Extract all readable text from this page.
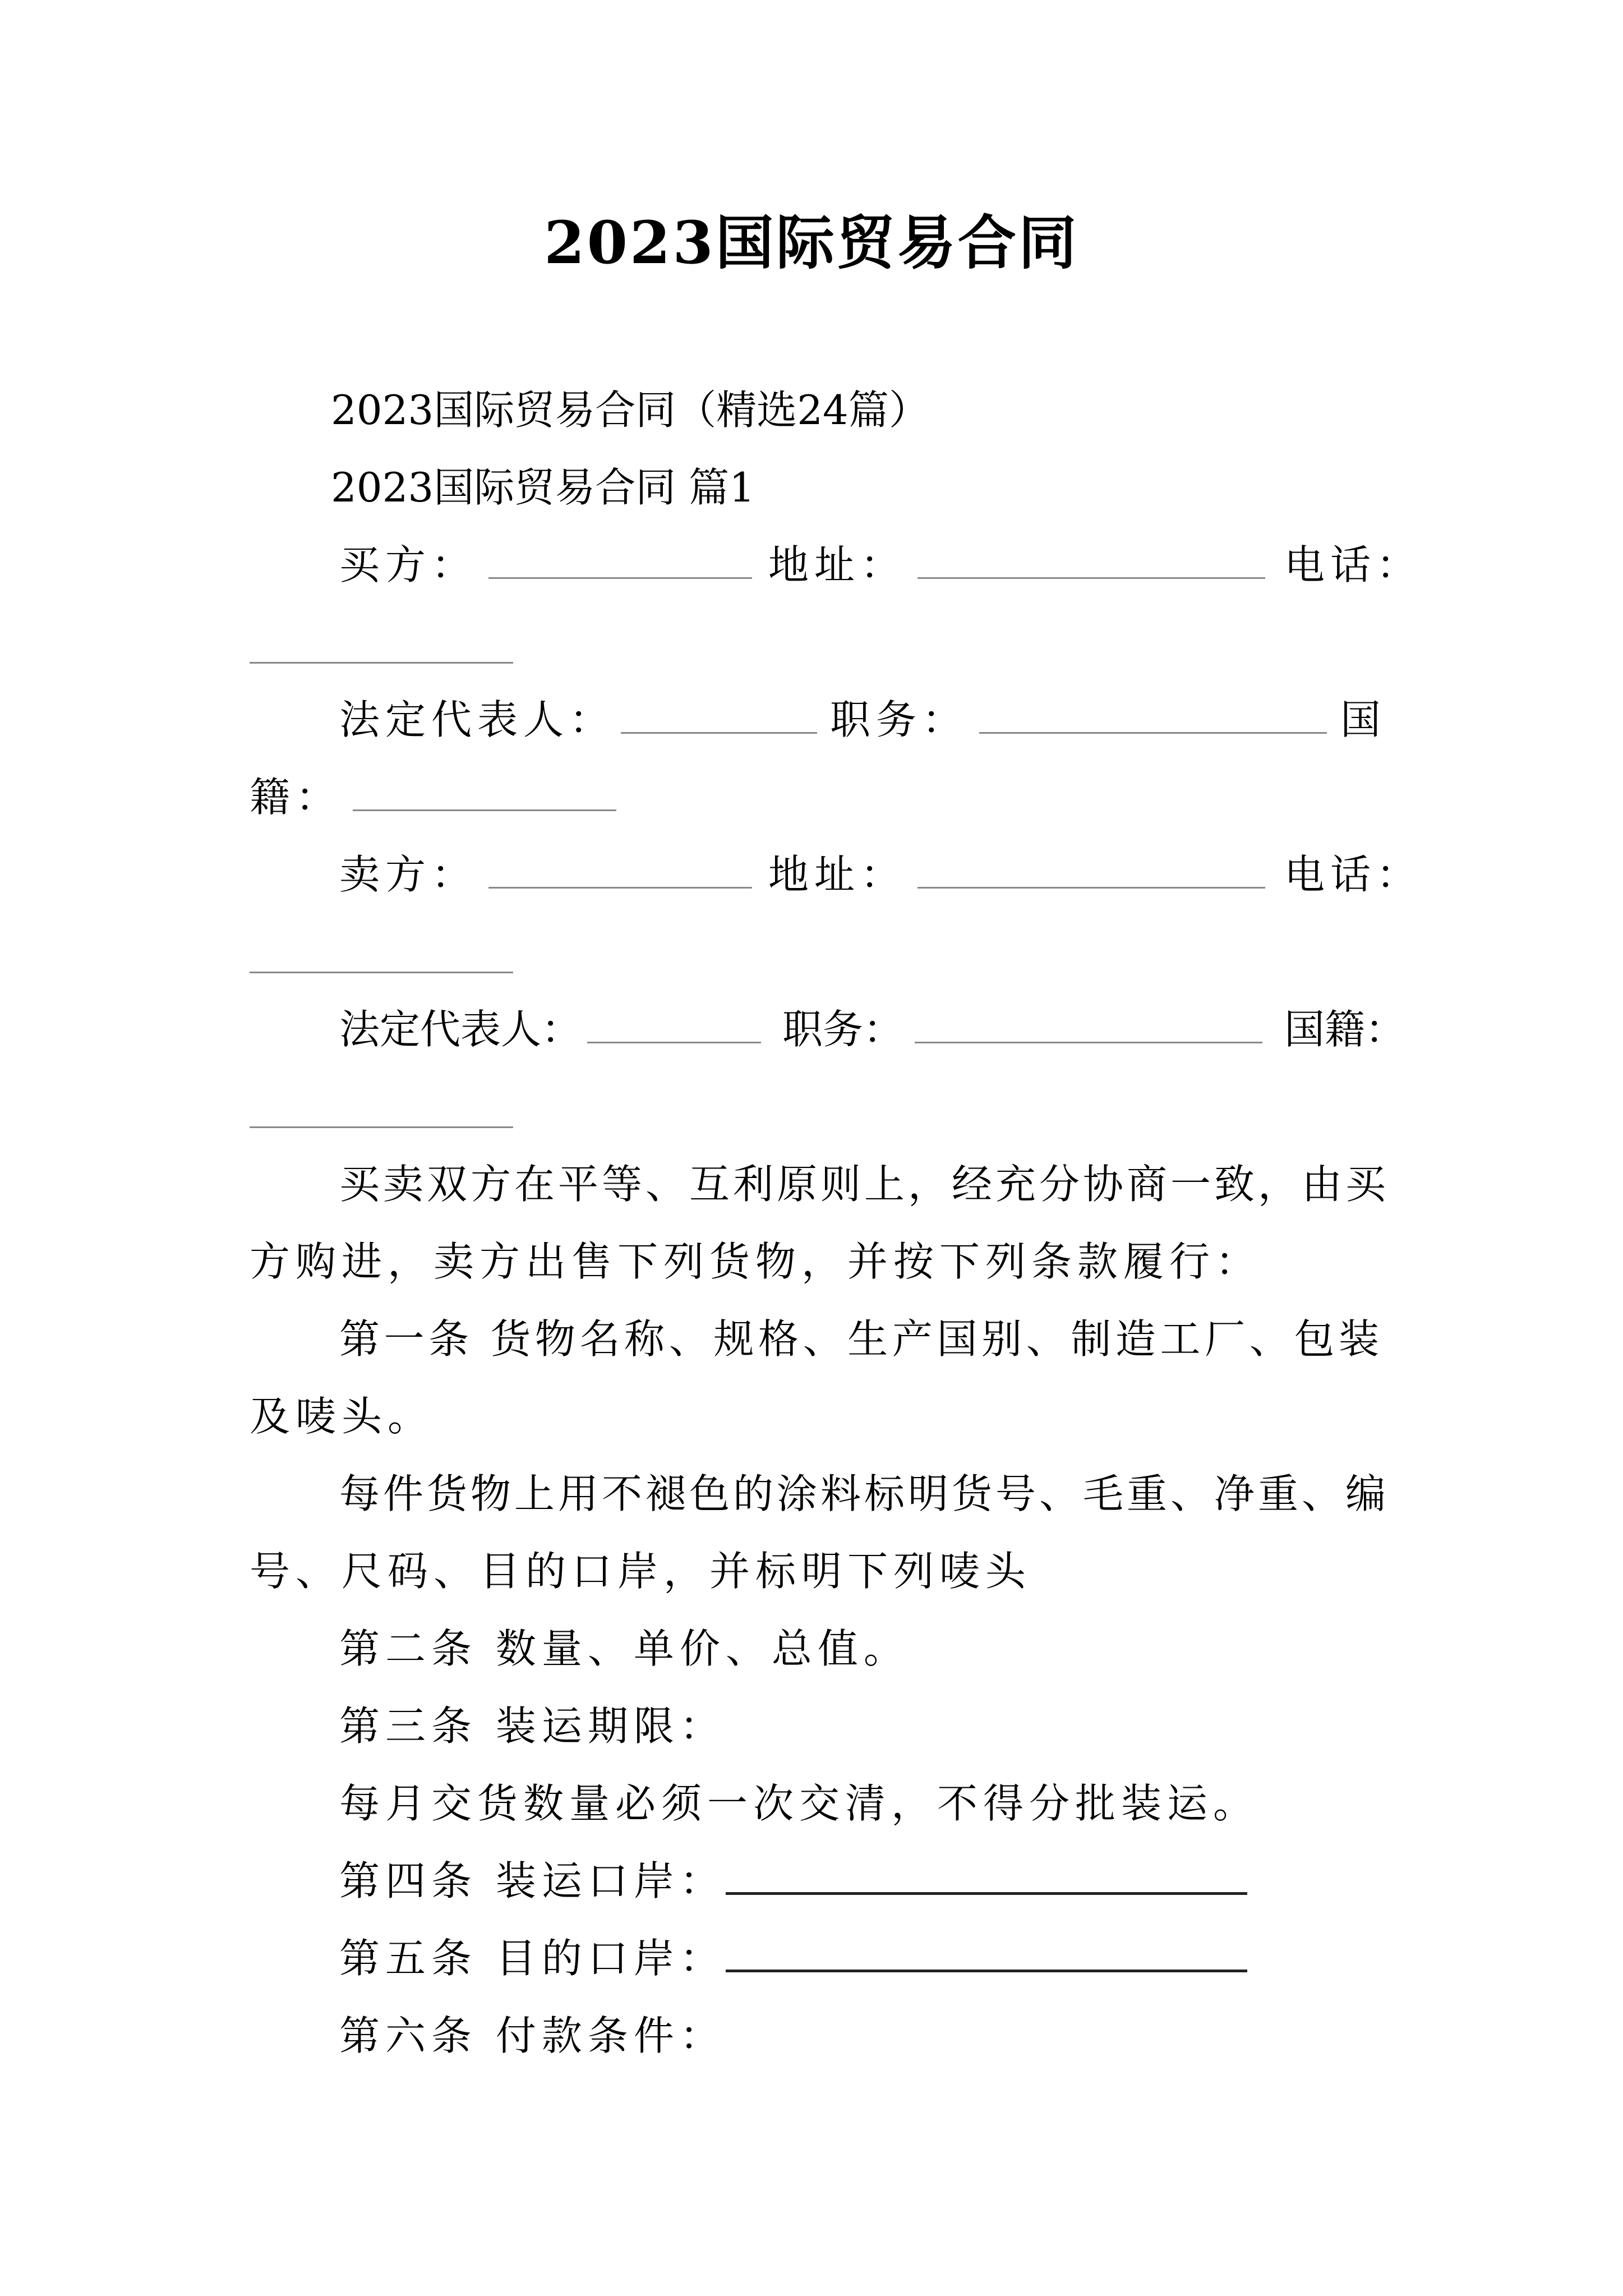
2023国际贸易合同

2023国际贸易合同（精选24篇）

2023国际贸易合同 篇1

买方：	地址：	电话：

法定代表人：	职务：	国

籍：

卖方：	地址：	电话：

法定代表人：	职务：	国籍：

买卖双方在平等、互利原则上，经充分协商一致，由买

方购进，卖方出售下列货物，并按下列条款履行：

第一条 货物名称、规格、生产国别、制造工厂、包装

及唛头。

每件货物上用不褪色的涂料标明货号、毛重、净重、编

号、尺码、目的口岸，并标明下列唛头

第二条 数量、单价、总值。

第三条 装运期限：

每月交货数量必须一次交清，不得分批装运。

第四条 装运口岸：

第五条 目的口岸：

第六条 付款条件：
